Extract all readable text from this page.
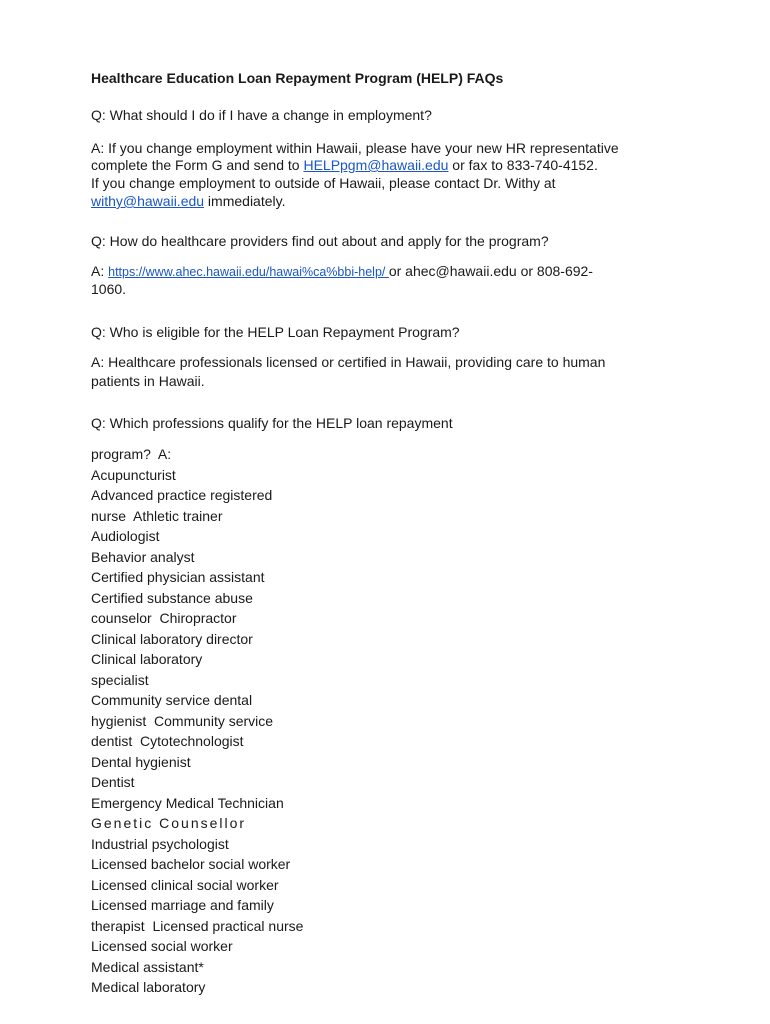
Healthcare Education Loan Repayment Program (HELP) FAQs
Q: What should I do if I have a change in employment?
A: If you change employment within Hawaii, please have your new HR representative
complete the Form G and send to HELPpgm@hawaii.edu or fax to 833-740-4152.
If you change employment to outside of Hawaii, please contact Dr. Withy at
withy@hawaii.edu immediately.
Q: How do healthcare providers find out about and apply for the program?
A: https://www.ahec.hawaii.edu/hawai%ca%bbi-help/ or ahec@hawaii.edu or 808-692-
1060.
Q: Who is eligible for the HELP Loan Repayment Program?
A: Healthcare professionals licensed or certified in Hawaii, providing care to human
patients in Hawaii.
Q: Which professions qualify for the HELP loan repayment
program?  A:
Acupuncturist
Advanced practice registered
nurse  Athletic trainer
Audiologist
Behavior analyst
Certified physician assistant
Certified substance abuse
counselor  Chiropractor
Clinical laboratory director
Clinical laboratory
specialist
Community service dental
hygienist  Community service
dentist  Cytotechnologist
Dental hygienist
Dentist
Emergency Medical Technician
Genetic Counsellor
Industrial psychologist
Licensed bachelor social worker
Licensed clinical social worker
Licensed marriage and family
therapist  Licensed practical nurse
Licensed social worker
Medical assistant*
Medical laboratory
